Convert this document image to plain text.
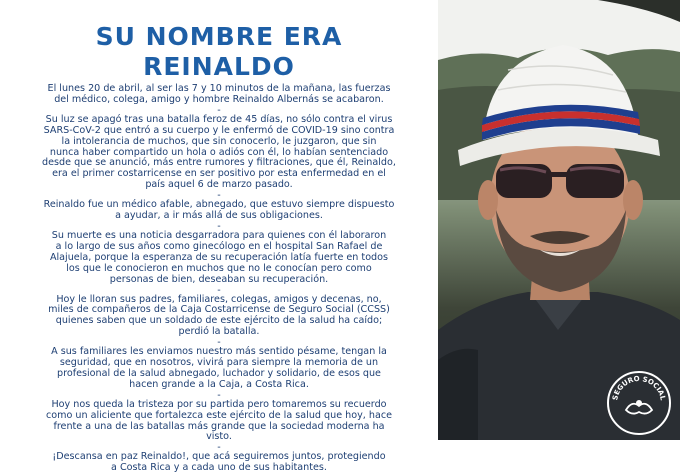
SU NOMBRE ERA
REINALDO
El lunes 20 de abril, al ser las 7 y 10 minutos de la mañana, las fuerzas
del médico, colega, amigo y hombre Reinaldo Albernás se acabaron.
-
Su luz se apagó tras una batalla feroz de 45 días, no sólo contra el virus
SARS-CoV-2 que entró a su cuerpo y le enfermó de COVID-19 sino contra
la intolerancia de muchos, que sin conocerlo, le juzgaron, que sin
nunca haber compartido un hola o adiós con él, lo habían sentenciado
desde que se anunció, más entre rumores y filtraciones, que él, Reinaldo,
era el primer costarricense en ser positivo por esta enfermedad en el
país aquel 6 de marzo pasado.
-
Reinaldo fue un médico afable, abnegado, que estuvo siempre dispuesto
a ayudar, a ir más allá de sus obligaciones.
-
Su muerte es una noticia desgarradora para quienes con él laboraron
a lo largo de sus años como ginecólogo en el hospital San Rafael de
Alajuela, porque la esperanza de su recuperación latía fuerte en todos
los que le conocieron en muchos que no le conocían pero como
personas de bien, deseaban su recuperación.
-
Hoy le lloran sus padres, familiares, colegas, amigos y decenas, no,
miles de compañeros de la Caja Costarricense de Seguro Social (CCSS)
quienes saben que un soldado de este ejército de la salud ha caído;
perdió la batalla.
-
A sus familiares les enviamos nuestro más sentido pésame, tengan la
seguridad, que en nosotros, vivirá para siempre la memoria de un
profesional de la salud abnegado, luchador y solidario, de esos que
hacen grande a la Caja, a Costa Rica.
-
Hoy nos queda la tristeza por su partida pero tomaremos su recuerdo
como un aliciente que fortalezca este ejército de la salud que hoy, hace
frente a una de las batallas más grande que la sociedad moderna ha
visto.
-
¡Descansa en paz Reinaldo!, que acá seguiremos juntos, protegiendo
a Costa Rica y a cada uno de sus habitantes.
SEGURO SOCIAL
